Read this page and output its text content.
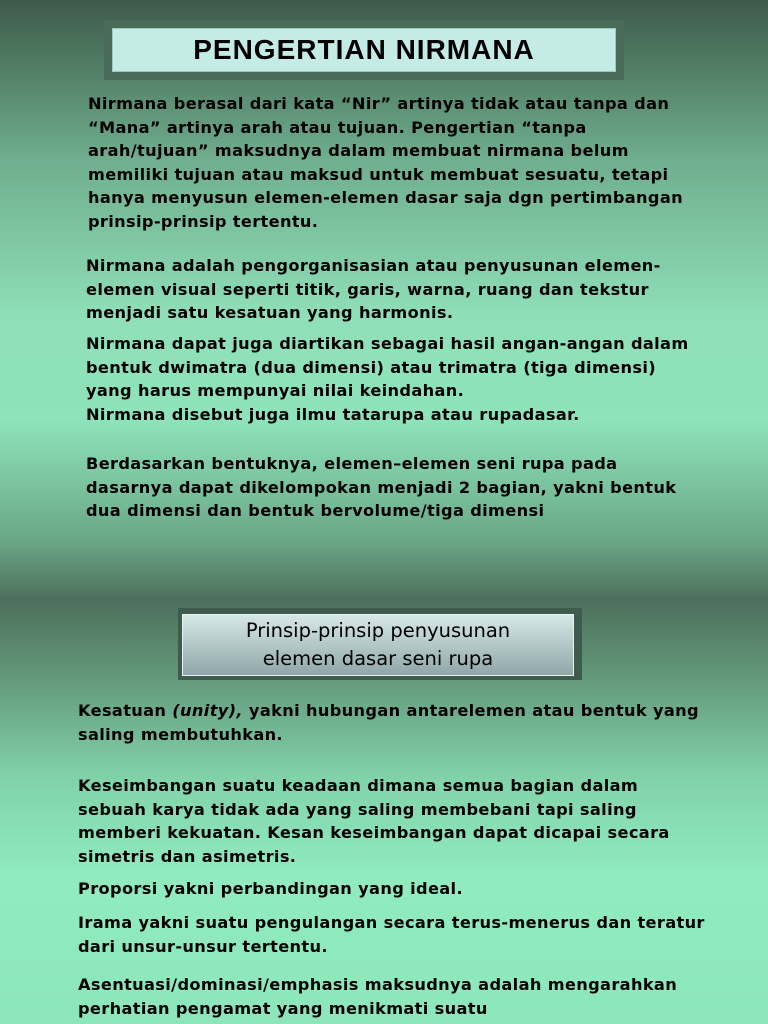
PENGERTIAN NIRMANA

Nirmana berasal dari kata “Nir” artinya tidak atau tanpa dan “Mana” artinya arah atau tujuan. Pengertian “tanpa arah/tujuan” maksudnya dalam membuat nirmana belum memiliki tujuan atau maksud untuk membuat sesuatu, tetapi hanya menyusun elemen-elemen dasar saja dgn pertimbangan prinsip-prinsip tertentu.

Nirmana adalah pengorganisasian atau penyusunan elemen-elemen visual seperti titik, garis, warna, ruang dan tekstur menjadi satu kesatuan yang harmonis.

Nirmana dapat juga diartikan sebagai hasil angan-angan dalam bentuk dwimatra (dua dimensi) atau trimatra (tiga dimensi) yang harus mempunyai nilai keindahan.

Nirmana disebut juga ilmu tatarupa atau rupadasar.

Berdasarkan bentuknya, elemen–elemen seni rupa pada dasarnya dapat dikelompokan menjadi 2 bagian, yakni bentuk dua dimensi dan bentuk bervolume/tiga dimensi

Prinsip-prinsip penyusunan
elemen dasar seni rupa

Kesatuan (unity), yakni hubungan antarelemen atau bentuk yang saling membutuhkan.

Keseimbangan suatu keadaan dimana semua bagian dalam sebuah karya tidak ada yang saling membebani tapi saling memberi kekuatan. Kesan keseimbangan dapat dicapai secara simetris dan asimetris.

Proporsi yakni perbandingan yang ideal.

Irama yakni suatu pengulangan secara terus-menerus dan teratur dari unsur-unsur tertentu.

Asentuasi/dominasi/emphasis maksudnya adalah mengarahkan perhatian pengamat yang menikmati suatu
